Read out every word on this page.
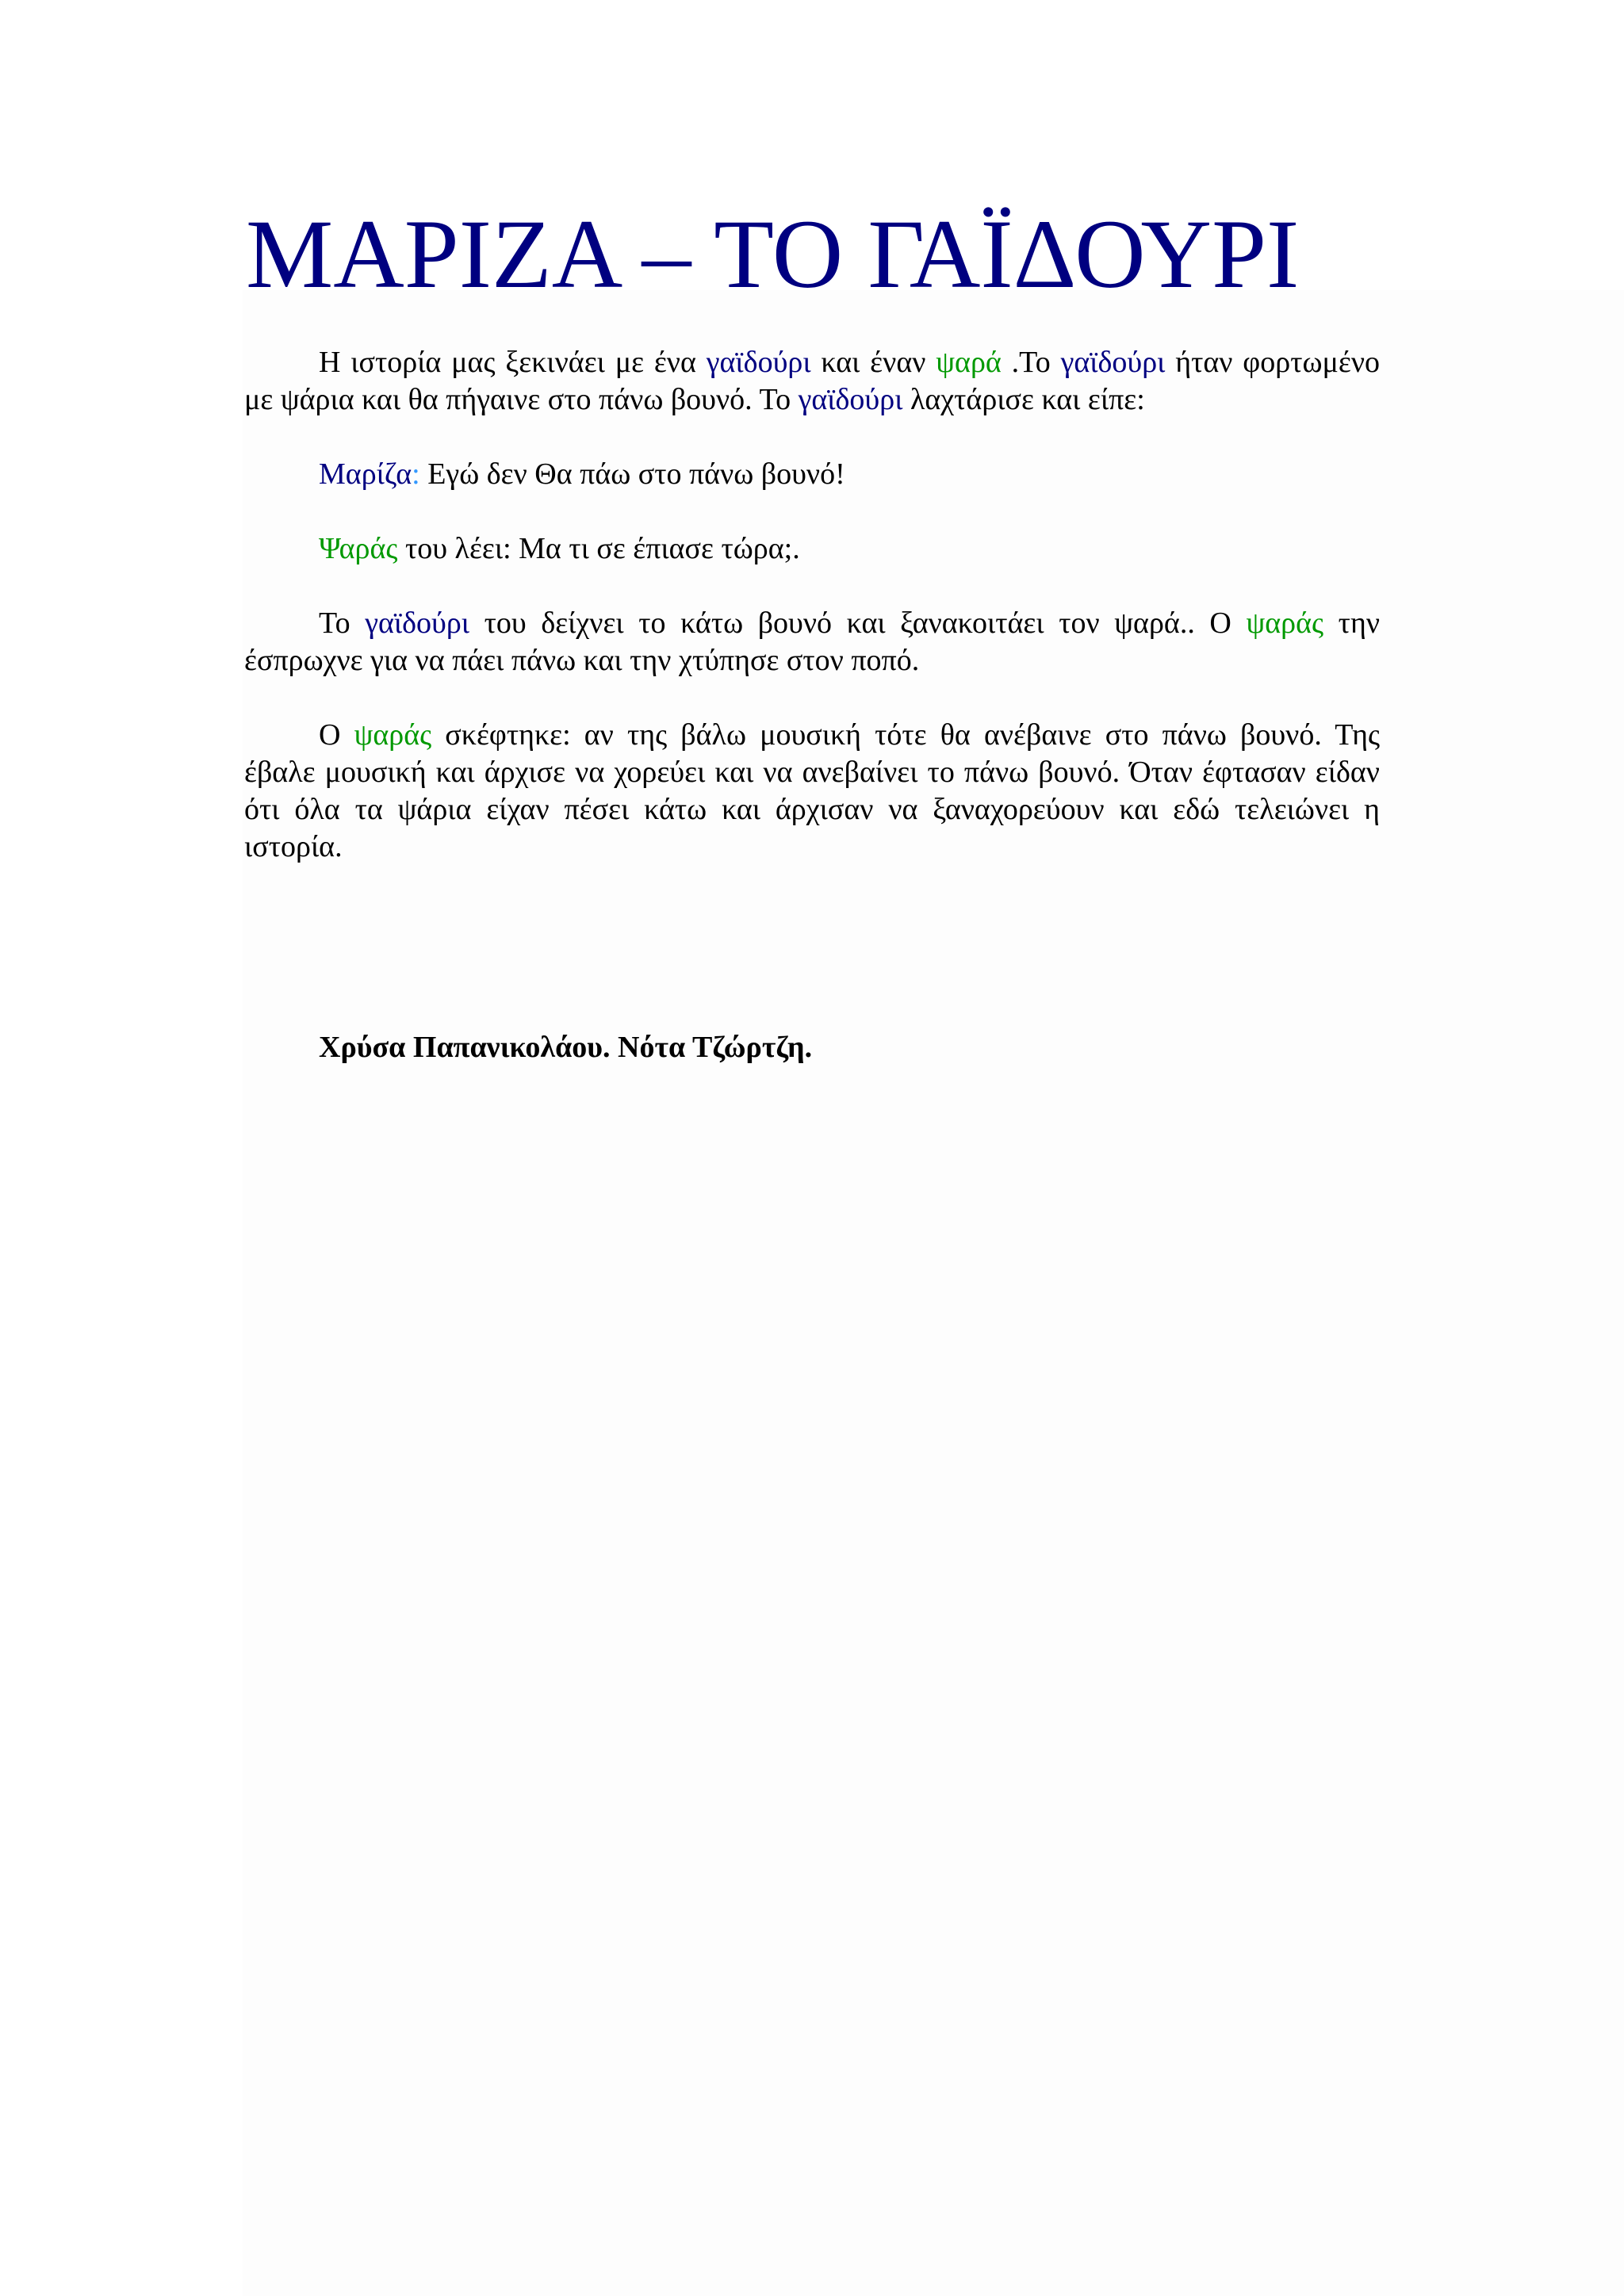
ΜΑΡΙΖΑ – ΤΟ ΓΑΪΔΟΥΡΙ

Η ιστορία μας ξεκινάει με ένα γαϊδούρι και έναν ψαρά .Το γαϊδούρι ήταν φορτωμένο με ψάρια και θα πήγαινε στο πάνω βουνό. Το γαϊδούρι λαχτάρισε και είπε:

Μαρίζα: Εγώ δεν Θα πάω στο πάνω βουνό!

Ψαράς του λέει: Μα τι σε έπιασε τώρα;.

Το γαϊδούρι του δείχνει το κάτω βουνό και ξανακοιτάει τον ψαρά.. Ο ψαράς την έσπρωχνε για να πάει πάνω και την χτύπησε στον ποπό.

Ο ψαράς σκέφτηκε: αν της βάλω μουσική τότε θα ανέβαινε στο πάνω βουνό. Της έβαλε μουσική και άρχισε να χορεύει και να ανεβαίνει το πάνω βουνό. Όταν έφτασαν είδαν ότι όλα τα ψάρια είχαν πέσει κάτω και άρχισαν να ξαναχορεύουν και εδώ τελειώνει η ιστορία.

Χρύσα Παπανικολάου. Νότα Τζώρτζη.
